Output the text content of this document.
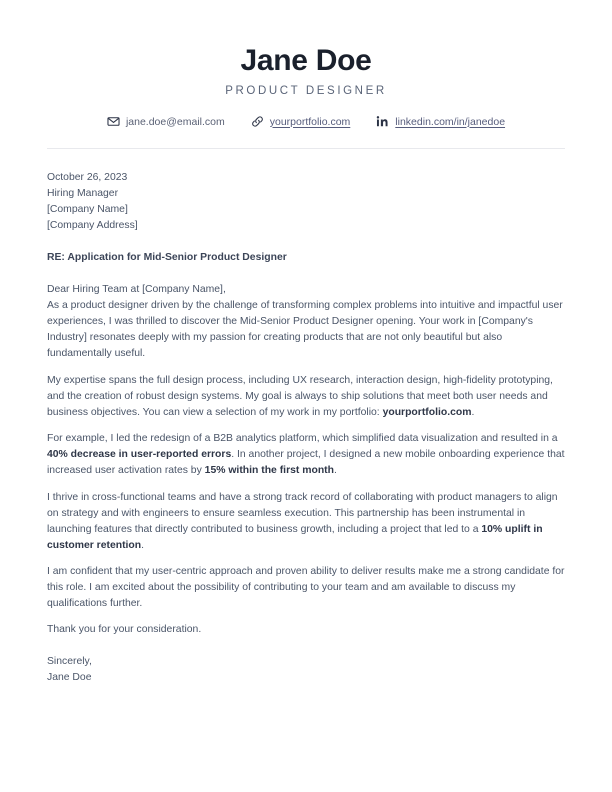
Jane Doe
PRODUCT DESIGNER
jane.doe@email.com	yourportfolio.com	linkedin.com/in/janedoe
October 26, 2023
Hiring Manager
[Company Name]
[Company Address]
RE: Application for Mid-Senior Product Designer
Dear Hiring Team at [Company Name],

As a product designer driven by the challenge of transforming complex problems into intuitive and impactful user experiences, I was thrilled to discover the Mid-Senior Product Designer opening. Your work in [Company's Industry] resonates deeply with my passion for creating products that are not only beautiful but also fundamentally useful.

My expertise spans the full design process, including UX research, interaction design, high-fidelity prototyping, and the creation of robust design systems. My goal is always to ship solutions that meet both user needs and business objectives. You can view a selection of my work in my portfolio: yourportfolio.com.

For example, I led the redesign of a B2B analytics platform, which simplified data visualization and resulted in a 40% decrease in user-reported errors. In another project, I designed a new mobile onboarding experience that increased user activation rates by 15% within the first month.

I thrive in cross-functional teams and have a strong track record of collaborating with product managers to align on strategy and with engineers to ensure seamless execution. This partnership has been instrumental in launching features that directly contributed to business growth, including a project that led to a 10% uplift in customer retention.

I am confident that my user-centric approach and proven ability to deliver results make me a strong candidate for this role. I am excited about the possibility of contributing to your team and am available to discuss my qualifications further.

Thank you for your consideration.

Sincerely,
Jane Doe
